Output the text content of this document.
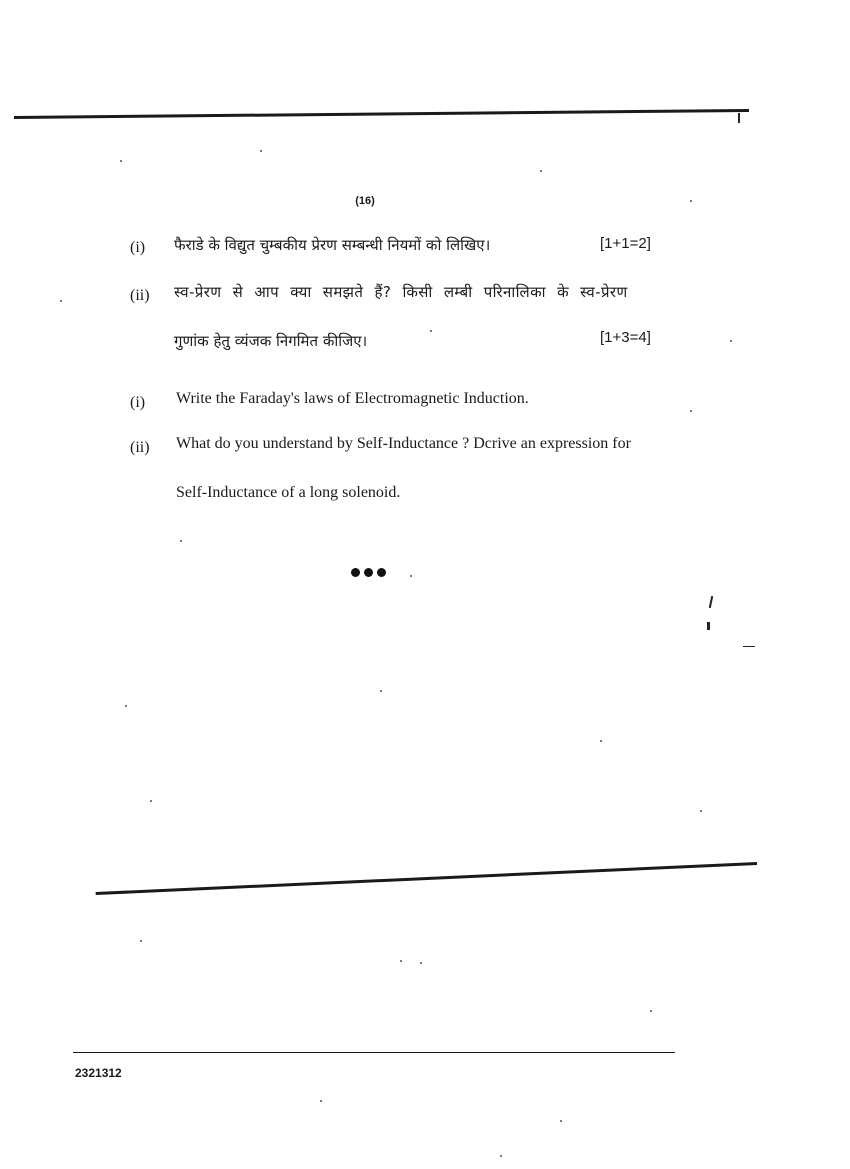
(16)
(i) फैराडे के विद्युत चुम्बकीय प्रेरण सम्बन्धी नियमों को लिखिए।	[1+1=2]
(ii) स्व-प्रेरण से आप क्या समझते हैं? किसी लम्बी परिनालिका के स्व-प्रेरण
गुणांक हेतु व्यंजक निगमित कीजिए।	[1+3=4]
(i) Write the Faraday's laws of Electromagnetic Induction.
(ii) What do you understand by Self-Inductance ? Dcrive an expression for
Self-Inductance of a long solenoid.
2321312
